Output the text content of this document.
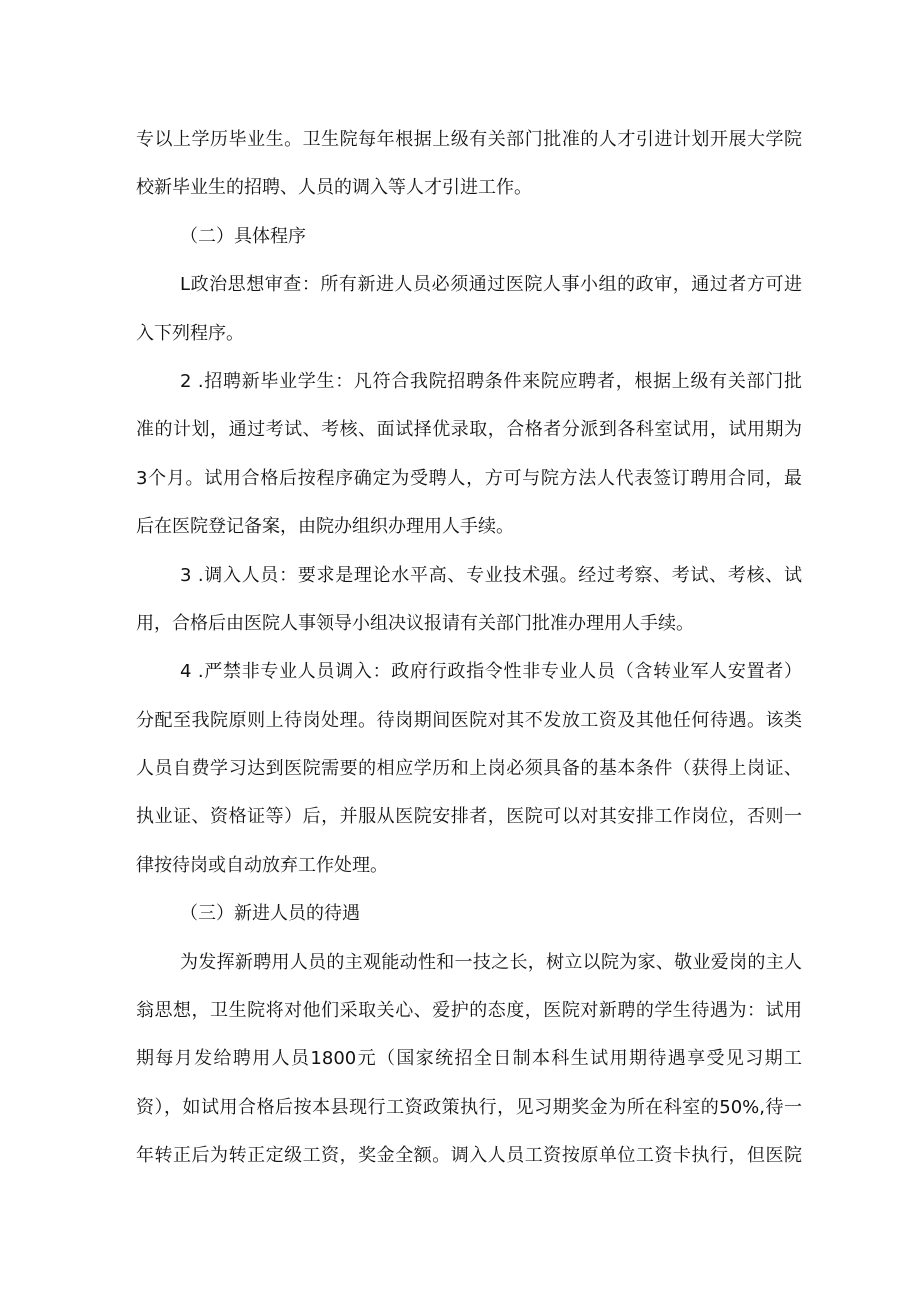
专以上学历毕业生。卫生院每年根据上级有关部门批准的人才引进计划开展大学院
校新毕业生的招聘、人员的调入等人才引进工作。
（二）具体程序
L政治思想审查：所有新进人员必须通过医院人事小组的政审，通过者方可进
入下列程序。
2 .招聘新毕业学生：凡符合我院招聘条件来院应聘者，根据上级有关部门批
准的计划，通过考试、考核、面试择优录取，合格者分派到各科室试用，试用期为
3个月。试用合格后按程序确定为受聘人，方可与院方法人代表签订聘用合同，最
后在医院登记备案，由院办组织办理用人手续。
3 .调入人员：要求是理论水平高、专业技术强。经过考察、考试、考核、试
用，合格后由医院人事领导小组决议报请有关部门批准办理用人手续。
4 .严禁非专业人员调入：政府行政指令性非专业人员（含转业军人安置者）
分配至我院原则上待岗处理。待岗期间医院对其不发放工资及其他任何待遇。该类
人员自费学习达到医院需要的相应学历和上岗必须具备的基本条件（获得上岗证、
执业证、资格证等）后，并服从医院安排者，医院可以对其安排工作岗位，否则一
律按待岗或自动放弃工作处理。
（三）新进人员的待遇
为发挥新聘用人员的主观能动性和一技之长，树立以院为家、敬业爱岗的主人
翁思想，卫生院将对他们采取关心、爱护的态度，医院对新聘的学生待遇为：试用
期每月发给聘用人员1800元（国家统招全日制本科生试用期待遇享受见习期工
资），如试用合格后按本县现行工资政策执行，见习期奖金为所在科室的50%,待一
年转正后为转正定级工资，奖金全额。调入人员工资按原单位工资卡执行，但医院
